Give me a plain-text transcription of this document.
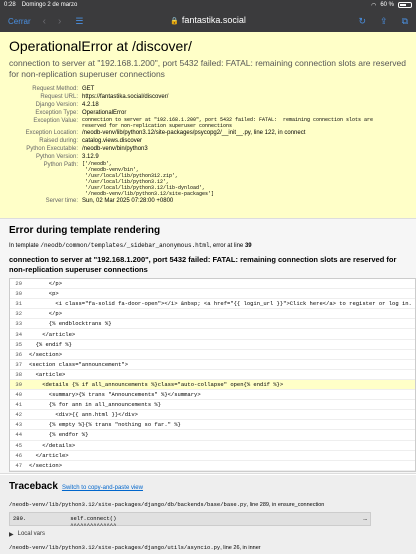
0:28 Domingo 2 de marzo	◠ 60 %
Cerrar ‹ › ☰	🔒 fantastika.social	↻ ⇪ ⧉
OperationalError at /discover/
connection to server at "192.168.1.200", port 5432 failed: FATAL: remaining connection slots are reserved for non-replication superuser connections
Request Method: GET
Request URL: https://fantastika.social/discover/
Django Version: 4.2.18
Exception Type: OperationalError
Exception Value: connection to server at "192.168.1.200", port 5432 failed: FATAL:  remaining connection slots are
reserved for non-replication superuser connections
Exception Location: /neodb-venv/lib/python3.12/site-packages/psycopg2/__init__.py, line 122, in connect
Raised during: catalog.views.discover
Python Executable: /neodb-venv/bin/python3
Python Version: 3.12.9
Python Path: ['/neodb',
'/neodb-venv/bin',
'/usr/local/lib/python312.zip',
'/usr/local/lib/python3.12',
'/usr/local/lib/python3.12/lib-dynload',
'/neodb-venv/lib/python3.12/site-packages']
Server time: Sun, 02 Mar 2025 07:28:00 +0800
Error during template rendering
In template /neodb/common/templates/_sidebar_anonymous.html, error at line 39
connection to server at "192.168.1.200", port 5432 failed: FATAL: remaining connection slots are reserved for non-replication superuser connections
29	</p>
30	<p>
31	<i class="fa-solid fa-door-open"></i> &nbsp; <a href="{{ login_url }}">Click here</a> to register or log in.
32	</p>
33	{% endblocktrans %}
34	</article>
35	{% endif %}
36	</section>
37	<section class="announcement">
38	<article>
39	<details {% if all_announcements %}class="auto-collapse" open{% endif %}>
40	<summary>{% trans "Announcements" %}</summary>
41	{% for ann in all_announcements %}
42	<div>{{ ann.html }}</div>
43	{% empty %}{% trans "nothing so far." %}
44	{% endfor %}
45	</details>
46	</article>
47	</section>
Traceback Switch to copy-and-paste view
/neodb-venv/lib/python3.12/site-packages/django/db/backends/base/base.py, line 289, in ensure_connection
289.	self.connect()
^^^^^^^^^^^^^^
…
▶ Local vars
/neodb-venv/lib/python3.12/site-packages/django/utils/asyncio.py, line 26, in inner
